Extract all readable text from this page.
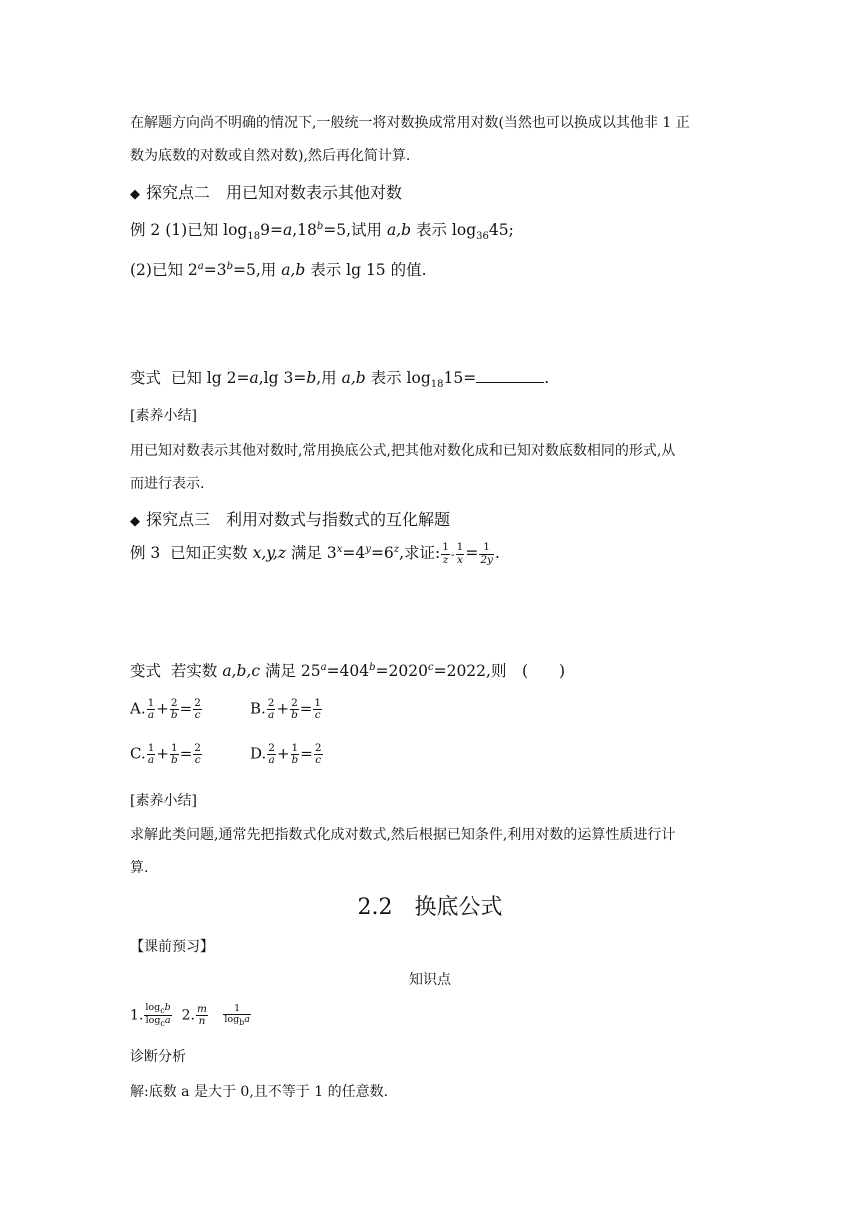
在解题方向尚不明确的情况下,一般统一将对数换成常用对数(当然也可以换成以其他非 1 正
数为底数的对数或自然对数),然后再化简计算.
◆ 探究点二　用已知对数表示其他对数
例 2 (1)已知 $\log_{18}9=a,18^b=5$,试用 a,b 表示 $\log_{36}45$;
(2)已知 $2^a=3^b=5$,用 a,b 表示 lg 15 的值.
变式 已知 lg 2=a,lg 3=b,用 a,b 表示 $\log_{18}15=$	.
[素养小结]
用已知对数表示其他对数时,常用换底公式,把其他对数化成和已知对数底数相同的形式,从
而进行表示.
◆ 探究点三　利用对数式与指数式的互化解题
例 3 已知正实数 x,y,z 满足 $3^x=4^y=6^z$,求证: $\frac{1}{z} - \frac{1}{x} = \frac{1}{2y}$ .
变式 若实数 a,b,c 满足 $25^a=404^b=2020^c=2022$,则　(　　)
A. $\frac{1}{a} + \frac{2}{b} = \frac{2}{c}$	B. $\frac{2}{a} + \frac{2}{b} = \frac{1}{c}$
C. $\frac{1}{a} + \frac{1}{b} = \frac{2}{c}$	D. $\frac{2}{a} + \frac{1}{b} = \frac{2}{c}$
[素养小结]
求解此类问题,通常先把指数式化成对数式,然后根据已知条件,利用对数的运算性质进行计
算.
2.2　换底公式
【课前预习】
知识点
1. $\frac{\log_cb}{\log_ca} 2$. $\frac{m}{n}$
$\frac{1}{\log_ba}$
诊断分析
解:底数 a 是大于 0,且不等于 1 的任意数.
